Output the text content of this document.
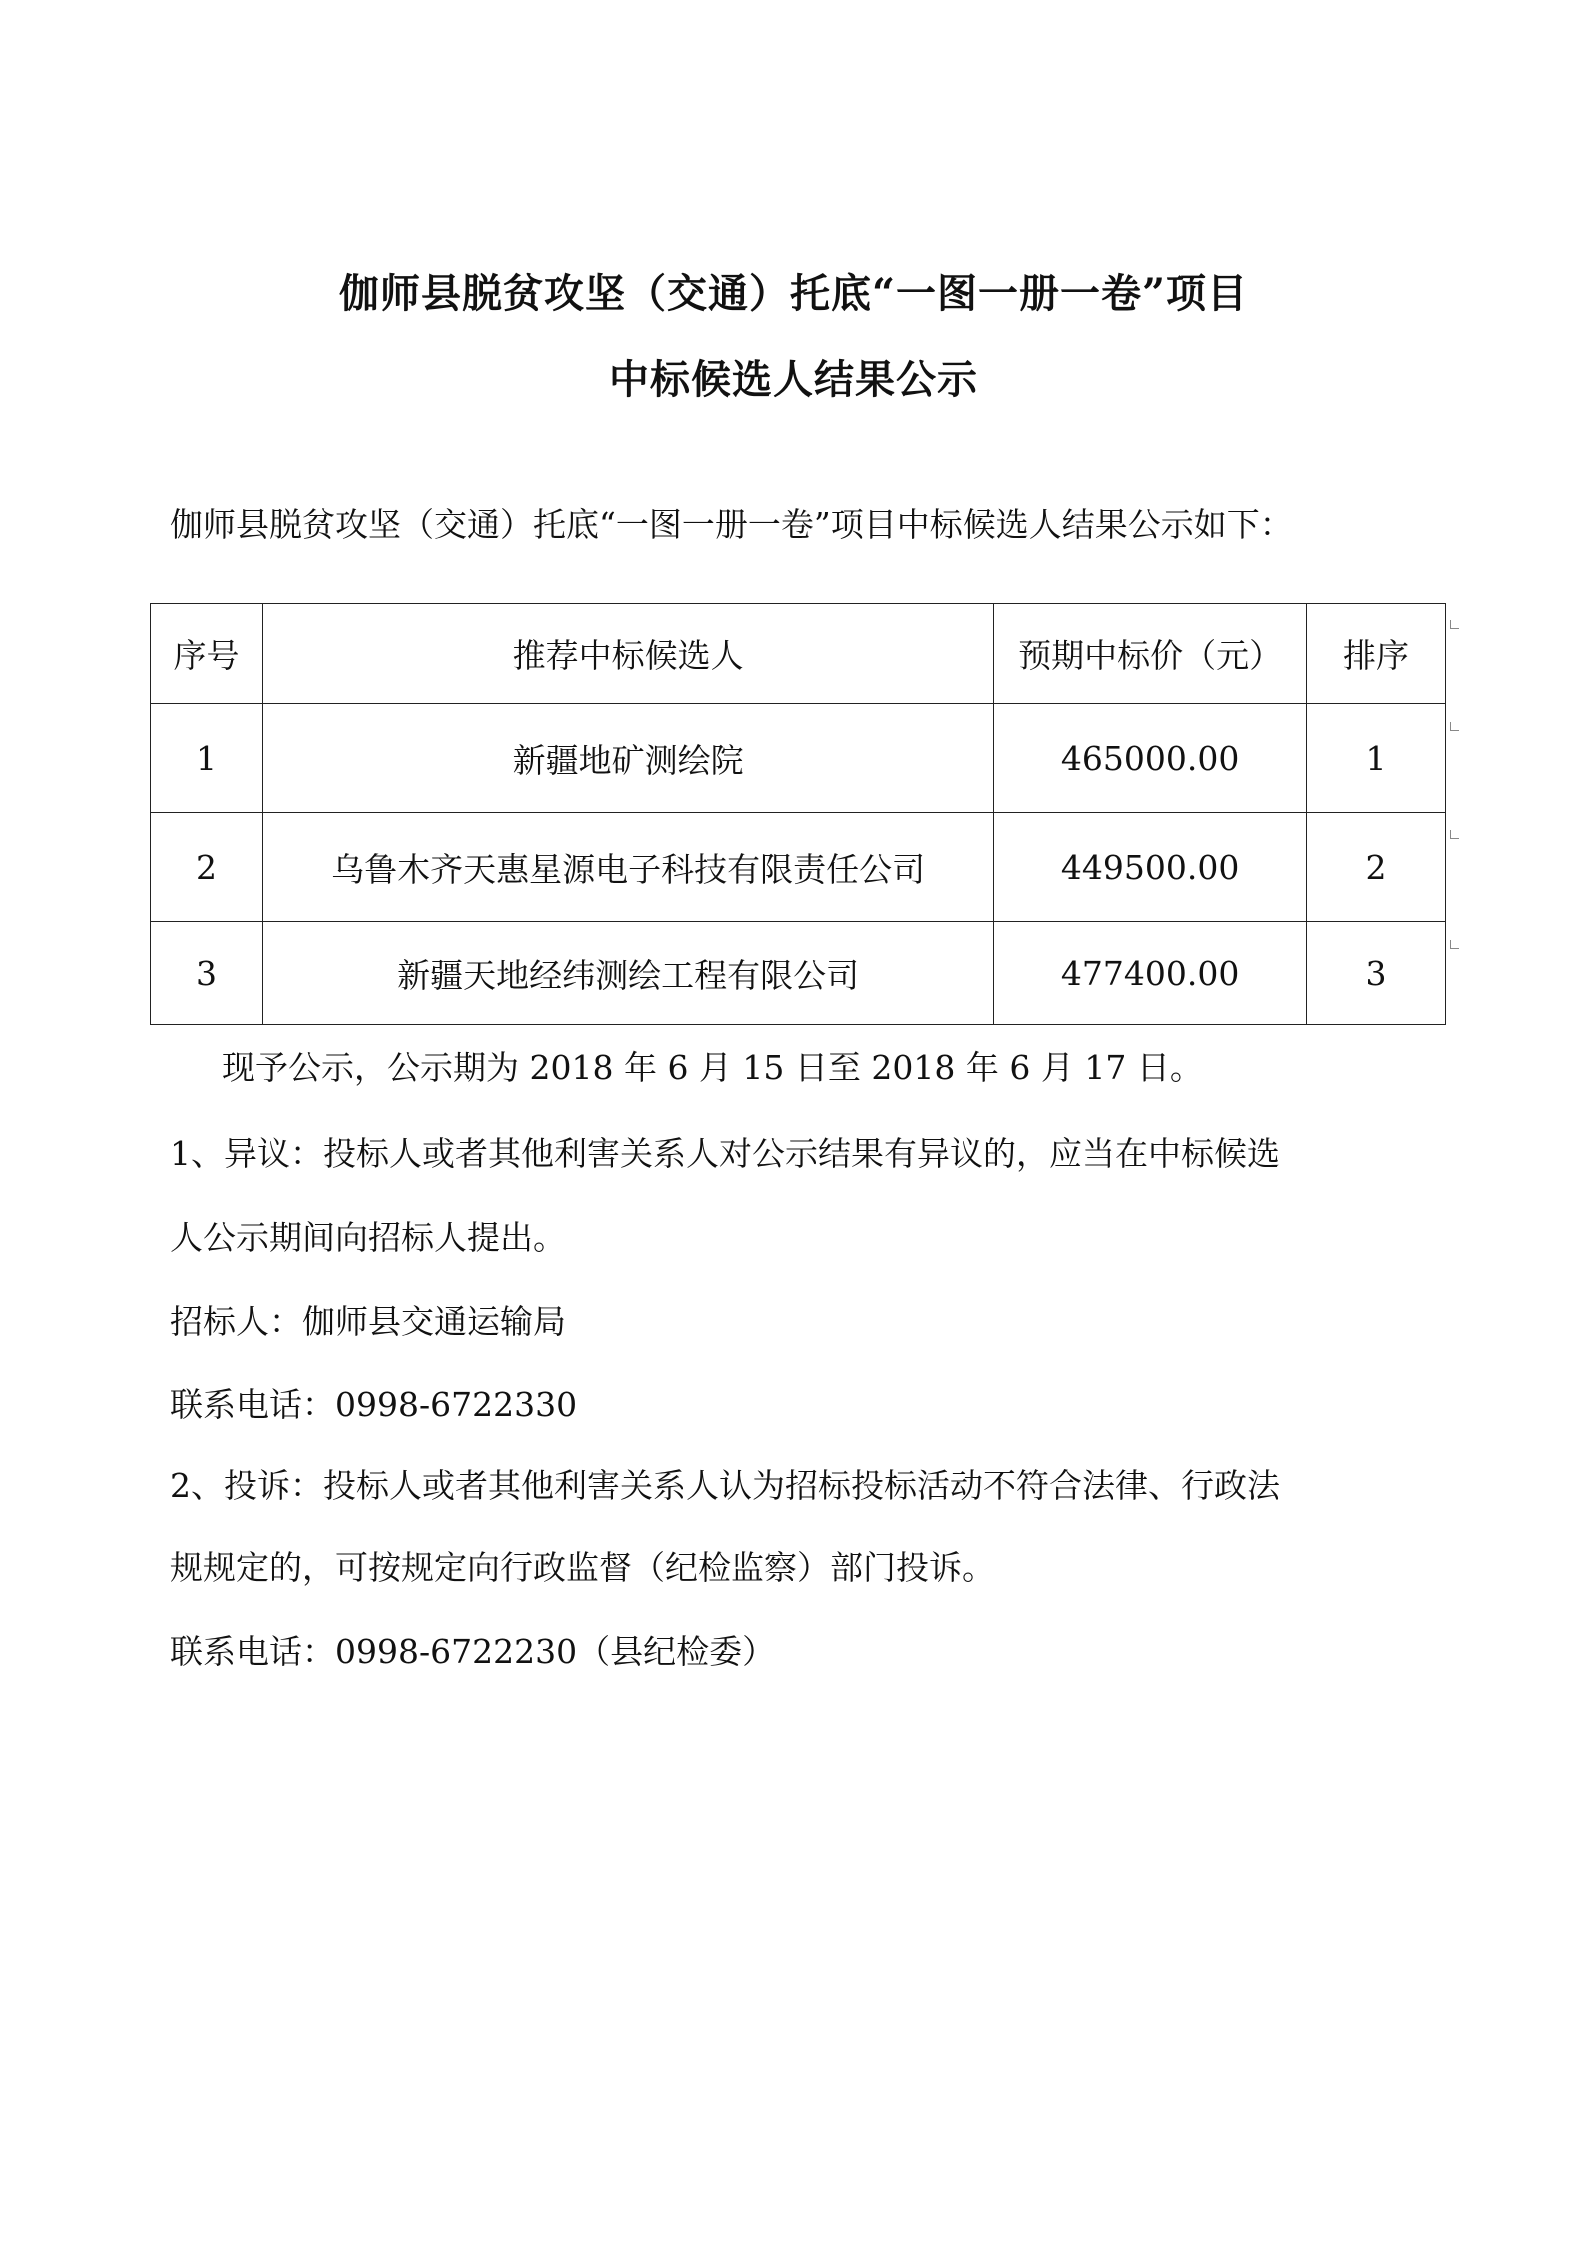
伽师县脱贫攻坚（交通）托底“一图一册一卷”项目
中标候选人结果公示
伽师县脱贫攻坚（交通）托底“一图一册一卷”项目中标候选人结果公示如下：
序号	推荐中标候选人	预期中标价（元）	排序
1	新疆地矿测绘院	465000.00	1
2	乌鲁木齐天惠星源电子科技有限责任公司	449500.00	2
3	新疆天地经纬测绘工程有限公司	477400.00	3
现予公示，公示期为 2018 年 6 月 15 日至 2018 年 6 月 17 日。
1、异议：投标人或者其他利害关系人对公示结果有异议的，应当在中标候选
人公示期间向招标人提出。
招标人：伽师县交通运输局
联系电话：0998-6722330
2、投诉：投标人或者其他利害关系人认为招标投标活动不符合法律、行政法
规规定的，可按规定向行政监督（纪检监察）部门投诉。
联系电话：0998-6722230（县纪检委）
